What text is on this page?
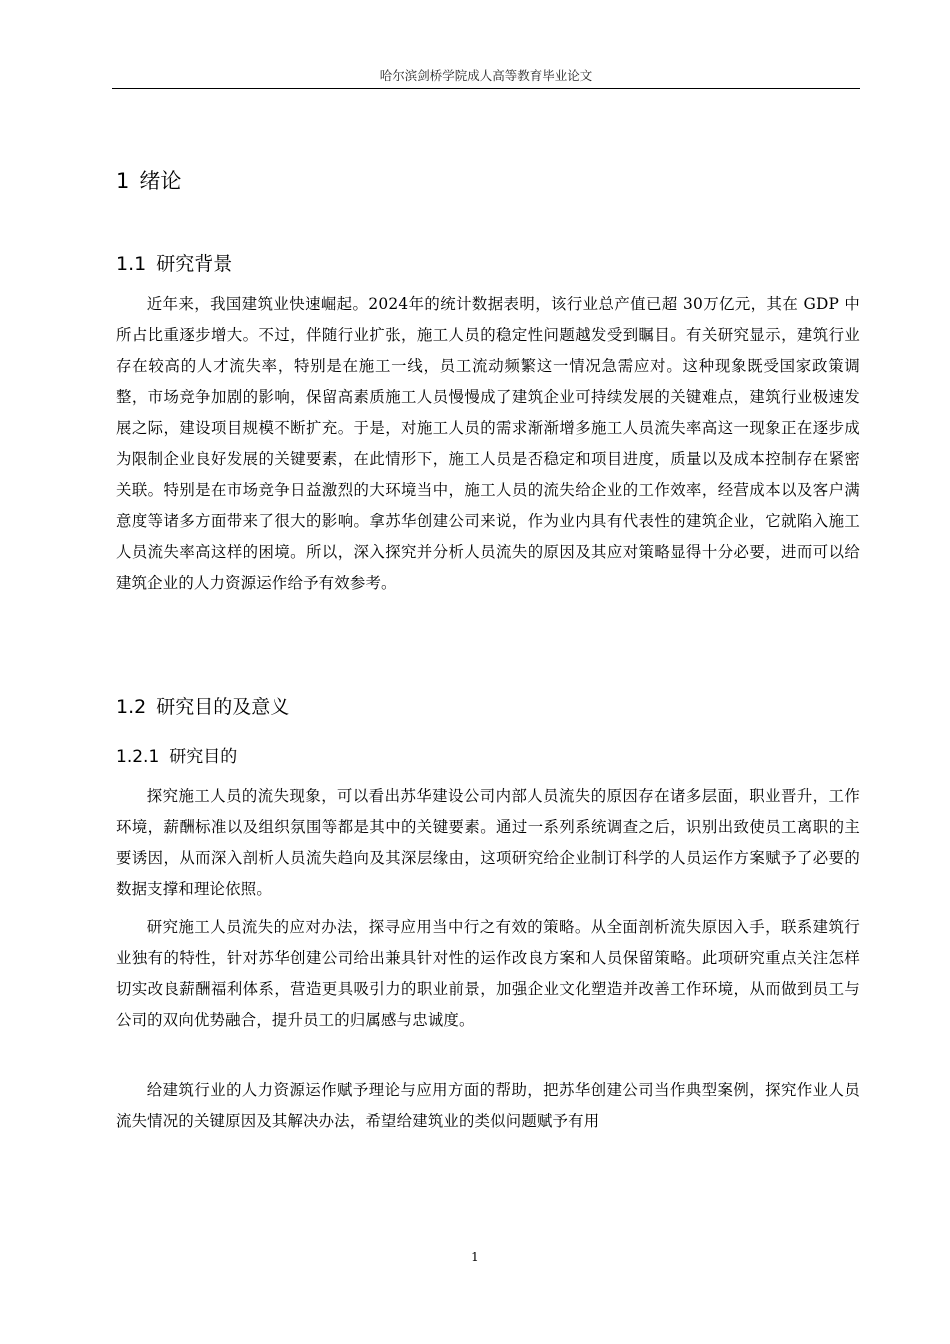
哈尔滨剑桥学院成人高等教育毕业论文
1 绪论
1.1 研究背景

近年来，我国建筑业快速崛起。2024年的统计数据表明，该行业总产值已超 30万亿元，其在 GDP 中所占比重逐步增大。不过，伴随行业扩张，施工人员的稳定性问题越发受到瞩目。有关研究显示，建筑行业存在较高的人才流失率，特别是在施工一线，员工流动频繁这一情况急需应对。这种现象既受国家政策调整，市场竞争加剧的影响，保留高素质施工人员慢慢成了建筑企业可持续发展的关键难点，建筑行业极速发展之际，建设项目规模不断扩充。于是，对施工人员的需求渐渐增多施工人员流失率高这一现象正在逐步成为限制企业良好发展的关键要素，在此情形下，施工人员是否稳定和项目进度，质量以及成本控制存在紧密关联。特别是在市场竞争日益激烈的大环境当中，施工人员的流失给企业的工作效率，经营成本以及客户满意度等诸多方面带来了很大的影响。拿苏华创建公司来说，作为业内具有代表性的建筑企业，它就陷入施工人员流失率高这样的困境。所以，深入探究并分析人员流失的原因及其应对策略显得十分必要，进而可以给建筑企业的人力资源运作给予有效参考。

1.2 研究目的及意义
1.2.1 研究目的

探究施工人员的流失现象，可以看出苏华建设公司内部人员流失的原因存在诸多层面，职业晋升，工作环境，薪酬标准以及组织氛围等都是其中的关键要素。通过一系列系统调查之后，识别出致使员工离职的主要诱因，从而深入剖析人员流失趋向及其深层缘由，这项研究给企业制订科学的人员运作方案赋予了必要的数据支撑和理论依照。

研究施工人员流失的应对办法，探寻应用当中行之有效的策略。从全面剖析流失原因入手，联系建筑行业独有的特性，针对苏华创建公司给出兼具针对性的运作改良方案和人员保留策略。此项研究重点关注怎样切实改良薪酬福利体系，营造更具吸引力的职业前景，加强企业文化塑造并改善工作环境，从而做到员工与公司的双向优势融合，提升员工的归属感与忠诚度。

给建筑行业的人力资源运作赋予理论与应用方面的帮助，把苏华创建公司当作典型案例，探究作业人员流失情况的关键原因及其解决办法，希望给建筑业的类似问题赋予有用

1
